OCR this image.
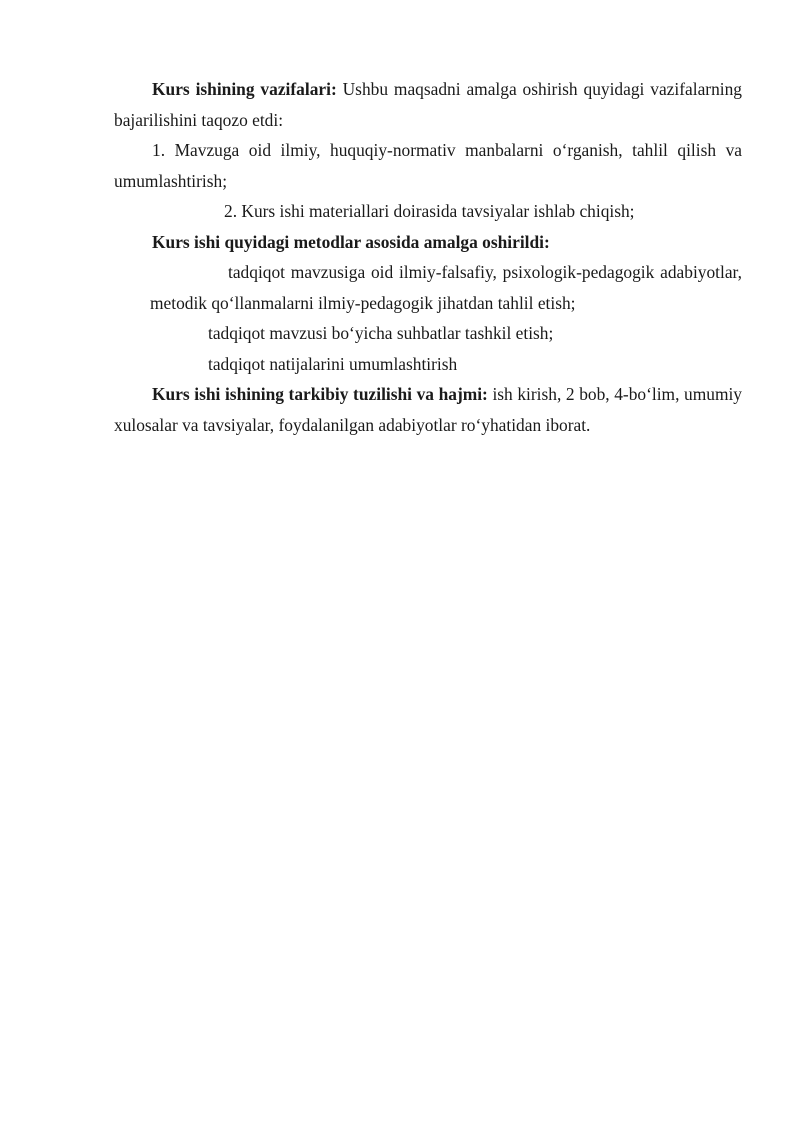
Kurs ishining vazifalari: Ushbu maqsadni amalga oshirish quyidagi vazifalarning bajarilishini taqozo etdi:

1. Mavzuga oid ilmiy, huquqiy-normativ manbalarni o‘rganish, tahlil qilish va umumlashtirish;

2. Kurs ishi materiallari doirasida tavsiyalar ishlab chiqish;

Kurs ishi quyidagi metodlar asosida amalga oshirildi:

tadqiqot mavzusiga oid ilmiy-falsafiy, psixologik-pedagogik adabiyotlar, metodik qo‘llanmalarni ilmiy-pedagogik jihatdan tahlil etish;

tadqiqot mavzusi bo‘yicha suhbatlar tashkil etish;

tadqiqot natijalarini umumlashtirish

Kurs ishi ishining tarkibiy tuzilishi va hajmi: ish kirish, 2 bob, 4-bo‘lim, umumiy xulosalar va tavsiyalar, foydalanilgan adabiyotlar ro‘yhatidan iborat.
